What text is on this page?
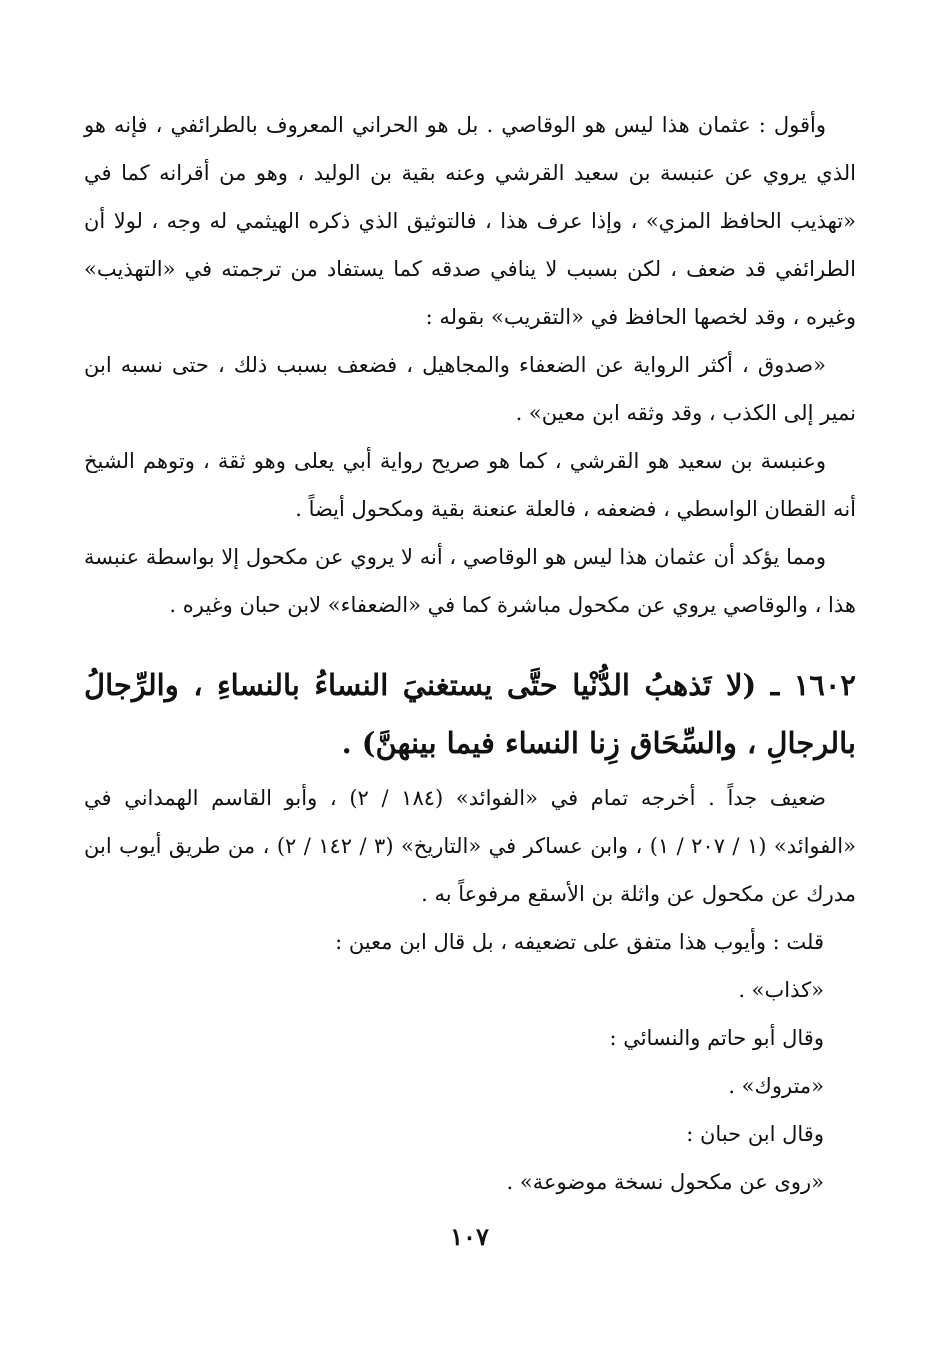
وأقول : عثمان هذا ليس هو الوقاصي . بل هو الحراني المعروف بالطرائفي ، فإنه هو الذي يروي عن عنبسة بن سعيد القرشي وعنه بقية بن الوليد ، وهو من أقرانه كما في «تهذيب الحافظ المزي» ، وإذا عرف هذا ، فالتوثيق الذي ذكره الهيثمي له وجه ، لولا أن الطرائفي قد ضعف ، لكن بسبب لا ينافي صدقه كما يستفاد من ترجمته في «التهذيب» وغيره ، وقد لخصها الحافظ في «التقريب» بقوله :

«صدوق ، أكثر الرواية عن الضعفاء والمجاهيل ، فضعف بسبب ذلك ، حتى نسبه ابن نمير إلى الكذب ، وقد وثقه ابن معين» .

وعنبسة بن سعيد هو القرشي ، كما هو صريح رواية أبي يعلى وهو ثقة ، وتوهم الشيخ أنه القطان الواسطي ، فضعفه ، فالعلة عنعنة بقية ومكحول أيضاً .

ومما يؤكد أن عثمان هذا ليس هو الوقاصي ، أنه لا يروي عن مكحول إلا بواسطة عنبسة هذا ، والوقاصي يروي عن مكحول مباشرة كما في «الضعفاء» لابن حبان وغيره .

١٦٠٢ ـ (لا تَذهبُ الدُّنْيا حتَّى يستغنيَ النساءُ بالنساءِ ، والرِّجالُ بالرجالِ ، والسِّحَاق زِنا النساء فيما بينهنَّ) .

ضعيف جداً . أخرجه تمام في «الفوائد» (١٨٤ / ٢) ، وأبو القاسم الهمداني في «الفوائد» (١ / ٢٠٧ / ١) ، وابن عساكر في «التاريخ» (٣ / ١٤٢ / ٢) ، من طريق أيوب ابن مدرك عن مكحول عن واثلة بن الأسقع مرفوعاً به .

قلت : وأيوب هذا متفق على تضعيفه ، بل قال ابن معين :

«كذاب» .

وقال أبو حاتم والنسائي :

«متروك» .

وقال ابن حبان :

«روى عن مكحول نسخة موضوعة» .

١٠٧
